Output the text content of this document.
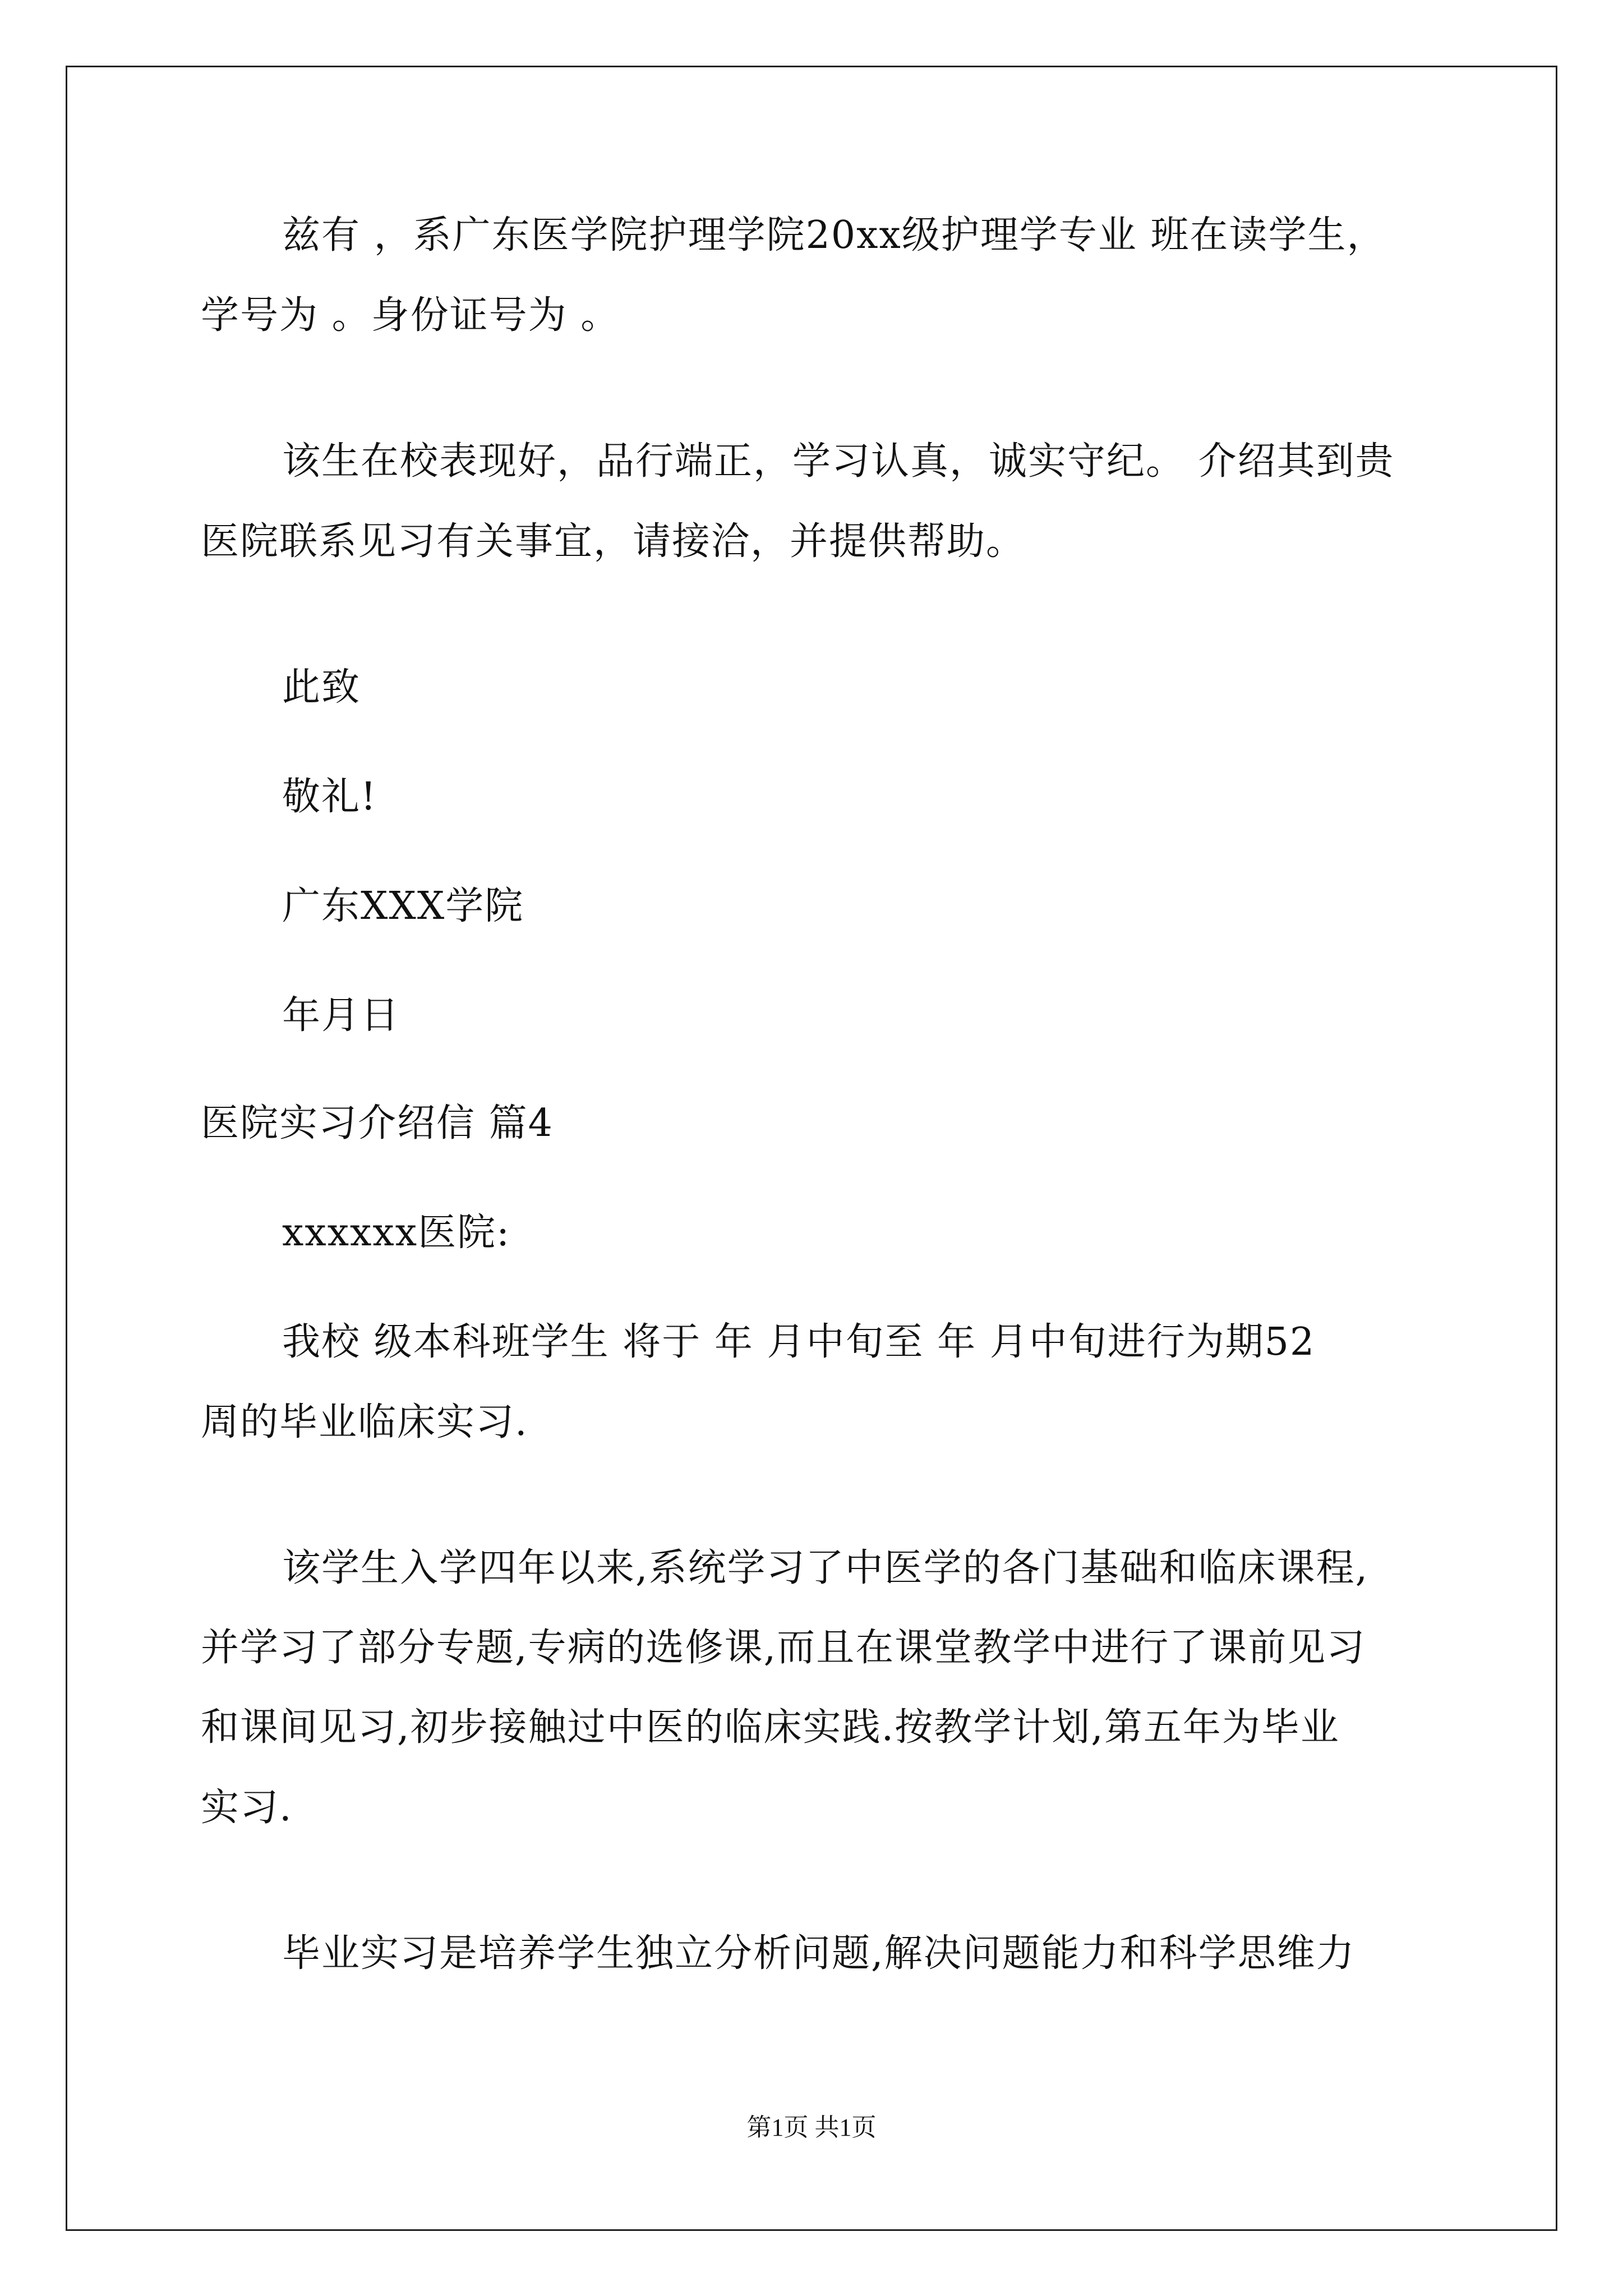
兹有 ，系广东医学院护理学院20xx级护理学专业 班在读学生，
学号为 。身份证号为 。
该生在校表现好，品行端正，学习认真，诚实守纪。 介绍其到贵
医院联系见习有关事宜，请接洽，并提供帮助。
此致
敬礼!
广东XXX学院
年月日
医院实习介绍信 篇4
xxxxxx医院:
我校 级本科班学生 将于 年 月中旬至 年 月中旬进行为期52
周的毕业临床实习.
该学生入学四年以来,系统学习了中医学的各门基础和临床课程,
并学习了部分专题,专病的选修课,而且在课堂教学中进行了课前见习
和课间见习,初步接触过中医的临床实践.按教学计划,第五年为毕业
实习.
毕业实习是培养学生独立分析问题,解决问题能力和科学思维力
第1页 共1页
